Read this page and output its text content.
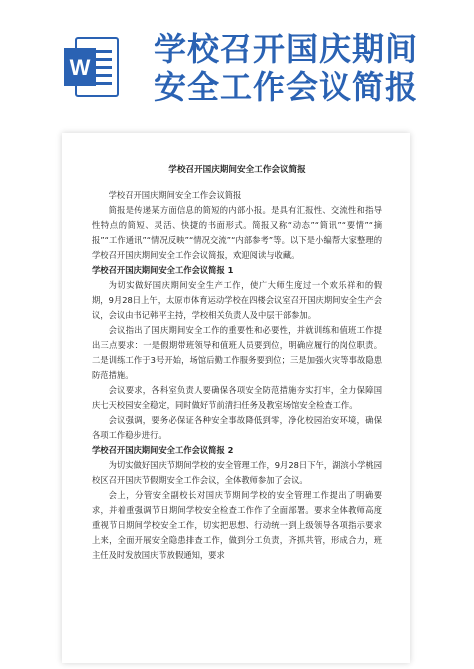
W 学校召开国庆期间
安全工作会议简报
学校召开国庆期间安全工作会议简报

学校召开国庆期间安全工作会议简报

简报是传递某方面信息的简短的内部小报。是具有汇报性、交流性和指导性特点的简短、灵活、快捷的书面形式。简报又称“动态”“简讯”“要情”“摘报”“工作通讯”“情况反映”“情况交流”“内部参考”等。以下是小编帮大家整理的学校召开国庆期间安全工作会议简报，欢迎阅读与收藏。

学校召开国庆期间安全工作会议简报 1

为切实做好国庆期间安全生产工作，使广大师生度过一个欢乐祥和的假期，9月28日上午，太原市体育运动学校在四楼会议室召开国庆期间安全生产会议，会议由书记韩平主持，学校相关负责人及中层干部参加。

会议指出了国庆期间安全工作的重要性和必要性，并就训练和值班工作提出三点要求：一是假期带班领导和值班人员要到位，明确应履行的岗位职责。二是训练工作于3号开始，场馆后勤工作服务要到位；三是加强火灾等事故隐患防范措施。

会议要求，各科室负责人要确保各项安全防范措施夯实打牢，全力保障国庆七天校园安全稳定，同时做好节前清扫任务及教室场馆安全检查工作。

会议强调，要务必保证各种安全事故降低到零，净化校园治安环境，确保各项工作稳步进行。

学校召开国庆期间安全工作会议简报 2

为切实做好国庆节期间学校的安全管理工作，9月28日下午，湖滨小学桃园校区召开国庆节假期安全工作会议，全体教师参加了会议。

会上，分管安全副校长对国庆节期间学校的安全管理工作提出了明确要求，并着重强调节日期间学校安全检查工作作了全面部署。要求全体教师高度重视节日期间学校安全工作，切实把思想、行动统一到上级领导各项指示要求上来，全面开展安全隐患排查工作，做到分工负责，齐抓共管，形成合力，班主任及时发放国庆节放假通知，要求
